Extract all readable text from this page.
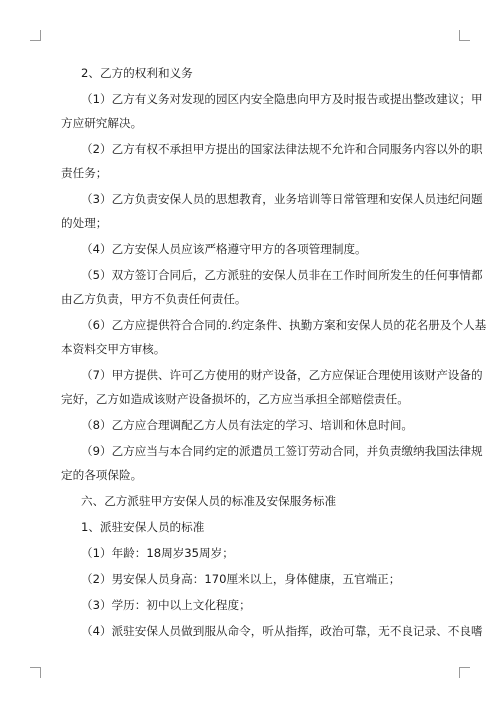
2、乙方的权利和义务
（1）乙方有义务对发现的园区内安全隐患向甲方及时报告或提出整改建议；甲
方应研究解决。
（2）乙方有权不承担甲方提出的国家法律法规不允许和合同服务内容以外的职
责任务；
（3）乙方负责安保人员的思想教育，业务培训等日常管理和安保人员违纪问题
的处理；
（4）乙方安保人员应该严格遵守甲方的各项管理制度。
（5）双方签订合同后，乙方派驻的安保人员非在工作时间所发生的任何事情都
由乙方负责，甲方不负责任何责任。
（6）乙方应提供符合合同的.约定条件、执勤方案和安保人员的花名册及个人基
本资料交甲方审核。
（7）甲方提供、许可乙方使用的财产设备，乙方应保证合理使用该财产设备的
完好，乙方如造成该财产设备损坏的，乙方应当承担全部赔偿责任。
（8）乙方应合理调配乙方人员有法定的学习、培训和休息时间。
（9）乙方应当与本合同约定的派遣员工签订劳动合同，并负责缴纳我国法律规
定的各项保险。
六、乙方派驻甲方安保人员的标准及安保服务标准
1、派驻安保人员的标准
（1）年龄：18周岁35周岁；
（2）男安保人员身高：170厘米以上，身体健康，五官端正；
（3）学历：初中以上文化程度；
（4）派驻安保人员做到服从命令，听从指挥，政治可靠，无不良记录、不良嗜
